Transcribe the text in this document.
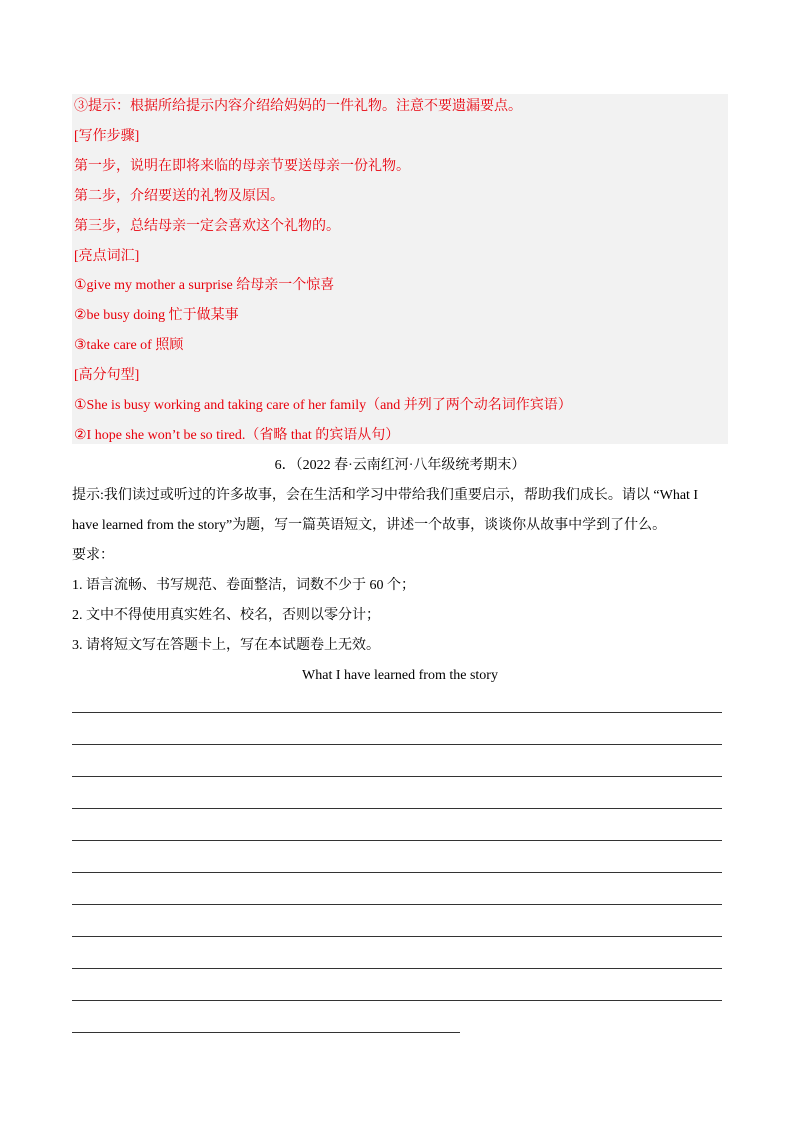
③提示：根据所给提示内容介绍给妈妈的一件礼物。注意不要遗漏要点。
[写作步骤]
第一步，说明在即将来临的母亲节要送母亲一份礼物。
第二步，介绍要送的礼物及原因。
第三步，总结母亲一定会喜欢这个礼物的。
[亮点词汇]
①give my mother a surprise 给母亲一个惊喜
②be busy doing 忙于做某事
③take care of 照顾
[高分句型]
①She is busy working and taking care of her family（and 并列了两个动名词作宾语）
②I hope she won’t be so tired.（省略 that 的宾语从句）
6．（2022 春·云南红河·八年级统考期末）
提示:我们读过或听过的许多故事，会在生活和学习中带给我们重要启示，帮助我们成长。请以 “What I
have learned from the story”为题，写一篇英语短文，讲述一个故事，谈谈你从故事中学到了什么。
要求：
1. 语言流畅、书写规范、卷面整洁，词数不少于 60 个；
2. 文中不得使用真实姓名、校名，否则以零分计；
3. 请将短文写在答题卡上，写在本试题卷上无效。
What I have learned from the story
